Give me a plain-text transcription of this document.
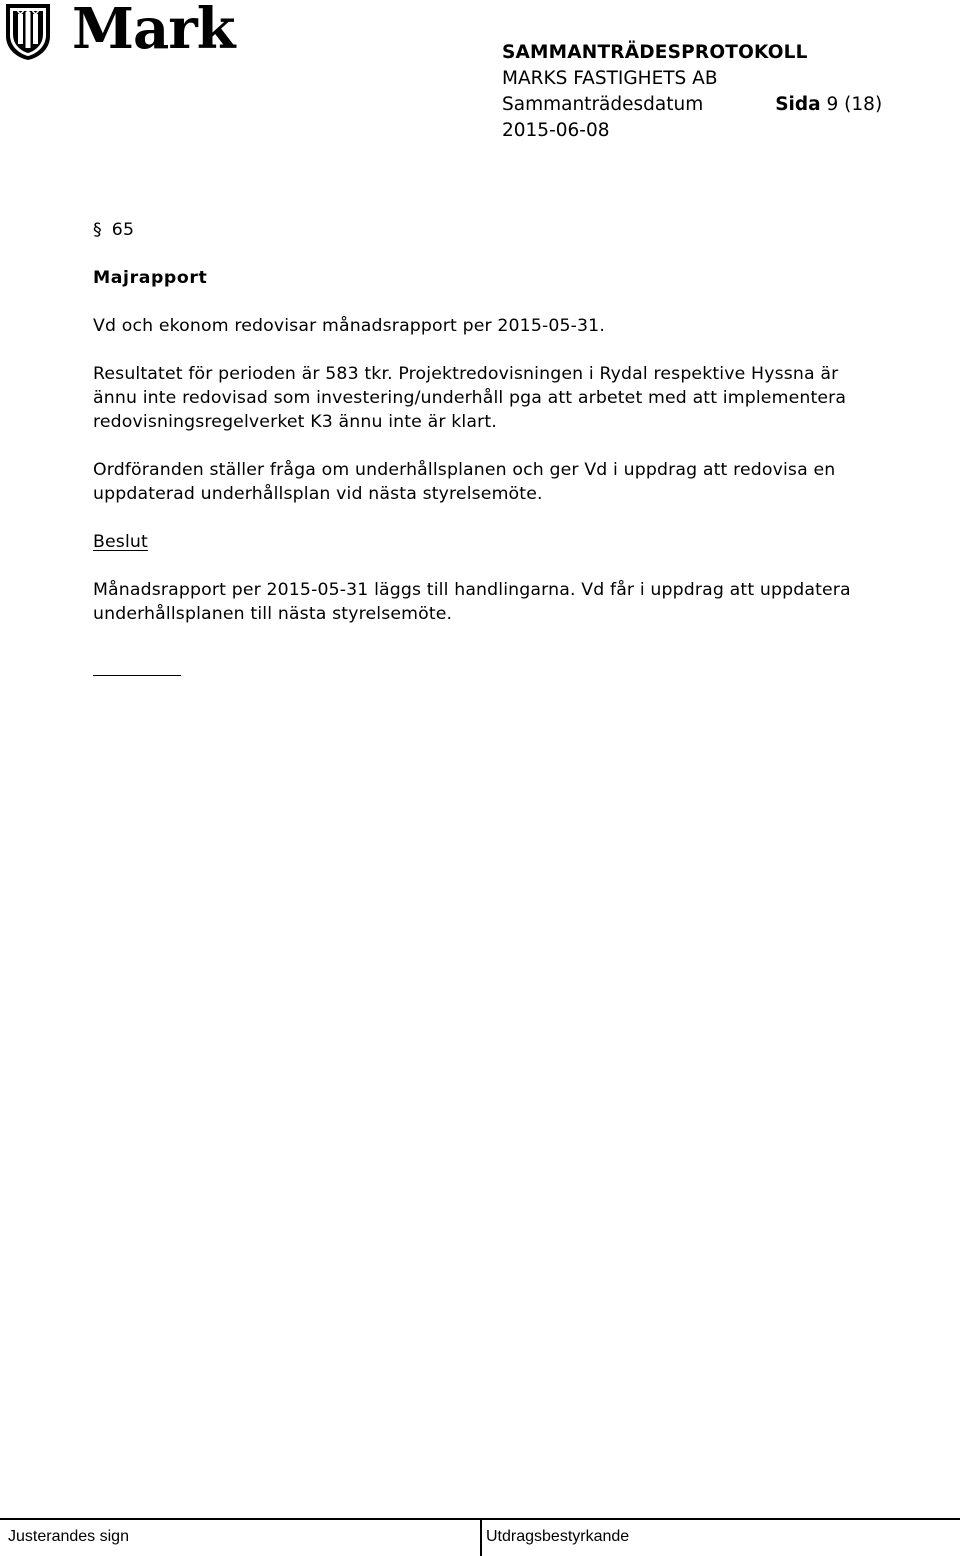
Mark	SAMMANTRÄDESPROTOKOLL
MARKS FASTIGHETS AB
Sammanträdesdatum	Sida 9 (18)
2015-06-08
§ 65
Majrapport

Vd och ekonom redovisar månadsrapport per 2015-05-31.

Resultatet för perioden är 583 tkr. Projektredovisningen i Rydal respektive Hyssna är
ännu inte redovisad som investering/underhåll pga att arbetet med att implementera
redovisningsregelverket K3 ännu inte är klart.
Ordföranden ställer fråga om underhållsplanen och ger Vd i uppdrag att redovisa en
uppdaterad underhållsplan vid nästa styrelsemöte.
Beslut
Månadsrapport per 2015-05-31 läggs till handlingarna. Vd får i uppdrag att uppdatera
underhållsplanen till nästa styrelsemöte.
Justerandes sign	Utdragsbestyrkande
